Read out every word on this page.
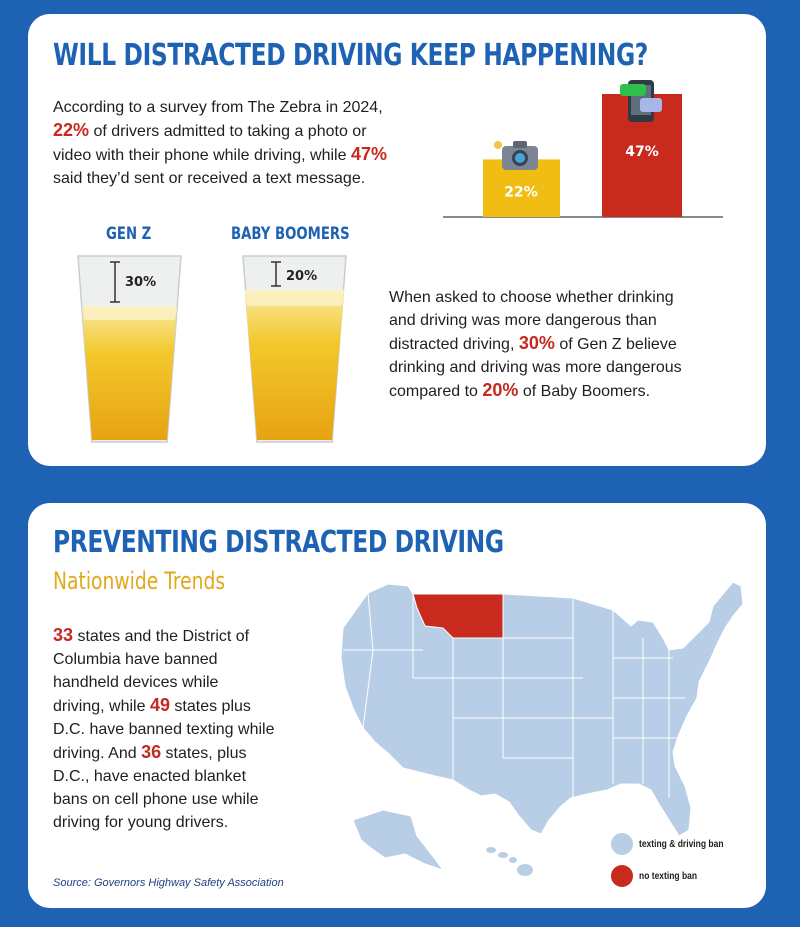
WILL DISTRACTED DRIVING KEEP HAPPENING?
According to a survey from The Zebra in 2024,
22% of drivers admitted to taking a photo or
video with their phone while driving, while 47%
said they’d sent or received a text message.
22%
47%
GEN Z	BABY BOOMERS
30%	20%
When asked to choose whether drinking
and driving was more dangerous than
distracted driving, 30% of Gen Z believe
drinking and driving was more dangerous
compared to 20% of Baby Boomers.
PREVENTING DISTRACTED DRIVING
Nationwide Trends
33 states and the District of
Columbia have banned
handheld devices while
driving, while 49 states plus
D.C. have banned texting while
driving. And 36 states, plus
D.C., have enacted blanket
bans on cell phone use while
driving for young drivers.
Source: Governors Highway Safety Association
texting & driving ban
no texting ban
